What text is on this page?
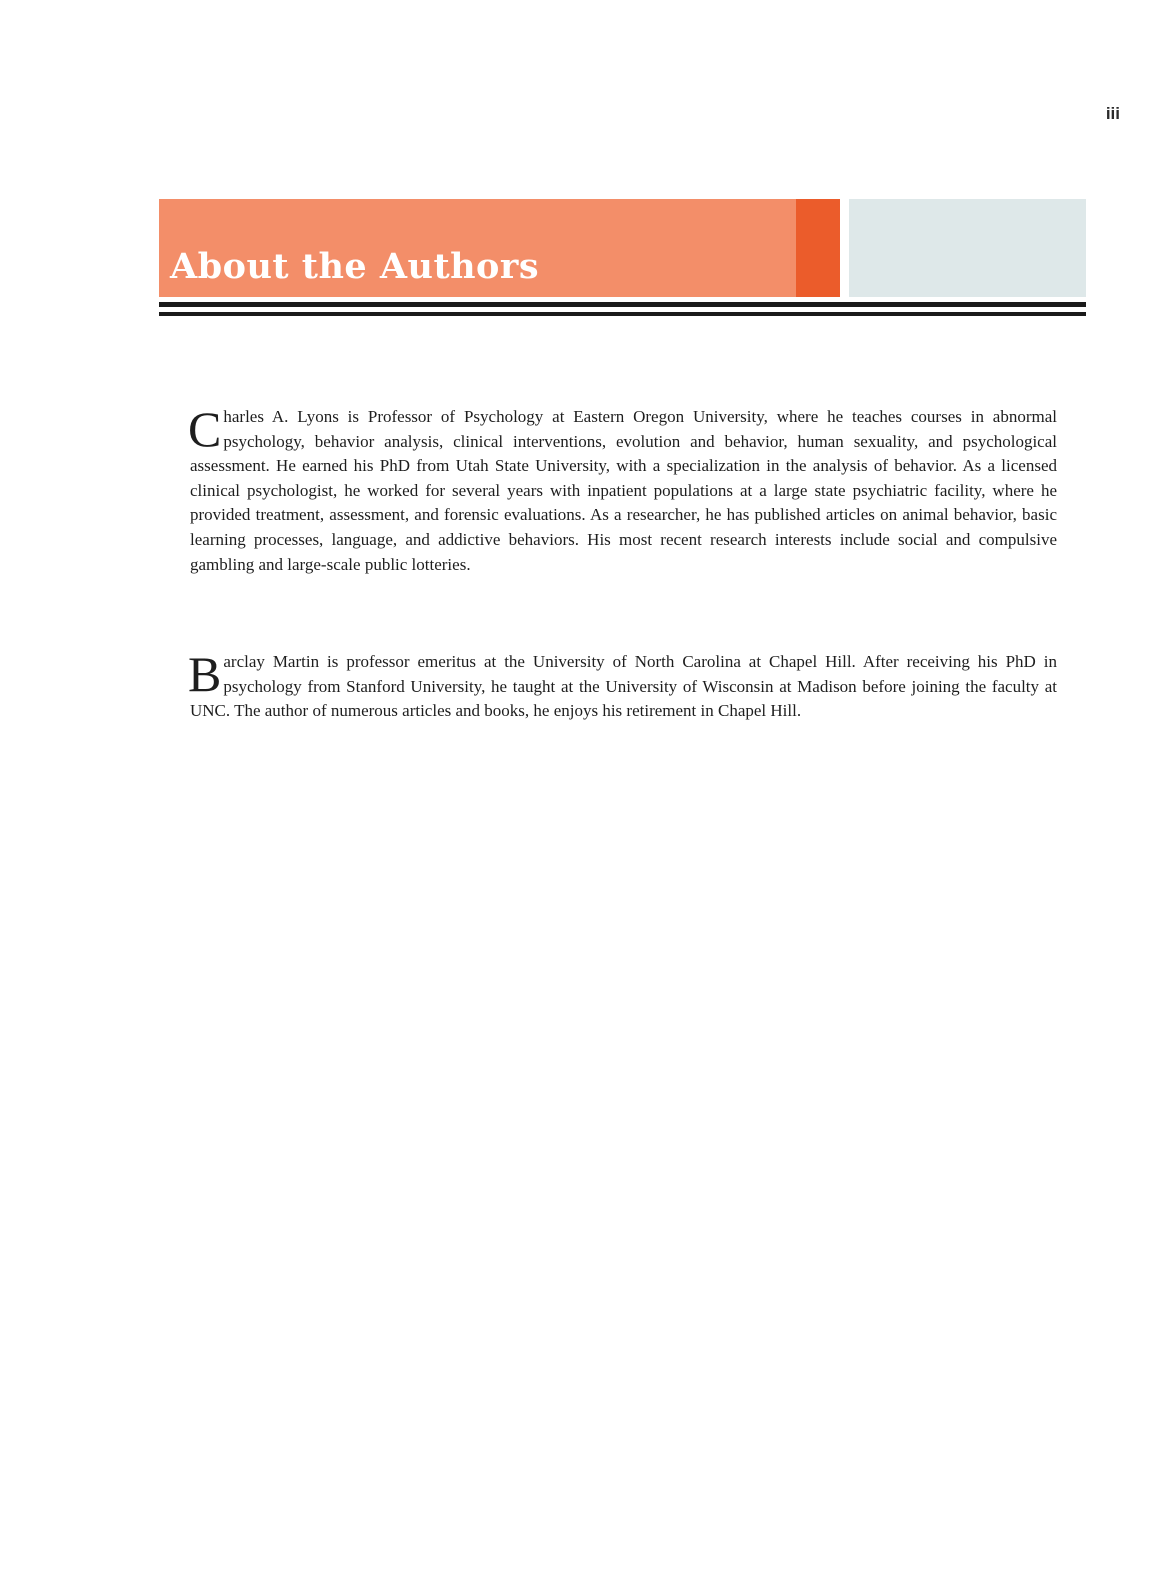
iii
About the Authors

Charles A. Lyons is Professor of Psychology at Eastern Oregon University, where he teaches courses in abnormal psychology, behavior analysis, clinical interventions, evolution and behavior, human sexuality, and psychological assessment. He earned his PhD from Utah State University, with a specialization in the analysis of behavior. As a licensed clinical psychologist, he worked for several years with inpatient populations at a large state psychiatric facility, where he provided treatment, assessment, and forensic evaluations. As a researcher, he has published articles on animal behavior, basic learning processes, language, and addictive behaviors. His most recent research interests include social and compulsive gambling and large-scale public lotteries.

Barclay Martin is professor emeritus at the University of North Carolina at Chapel Hill. After receiving his PhD in psychology from Stanford University, he taught at the University of Wisconsin at Madison before joining the faculty at UNC. The author of numerous articles and books, he enjoys his retirement in Chapel Hill.
